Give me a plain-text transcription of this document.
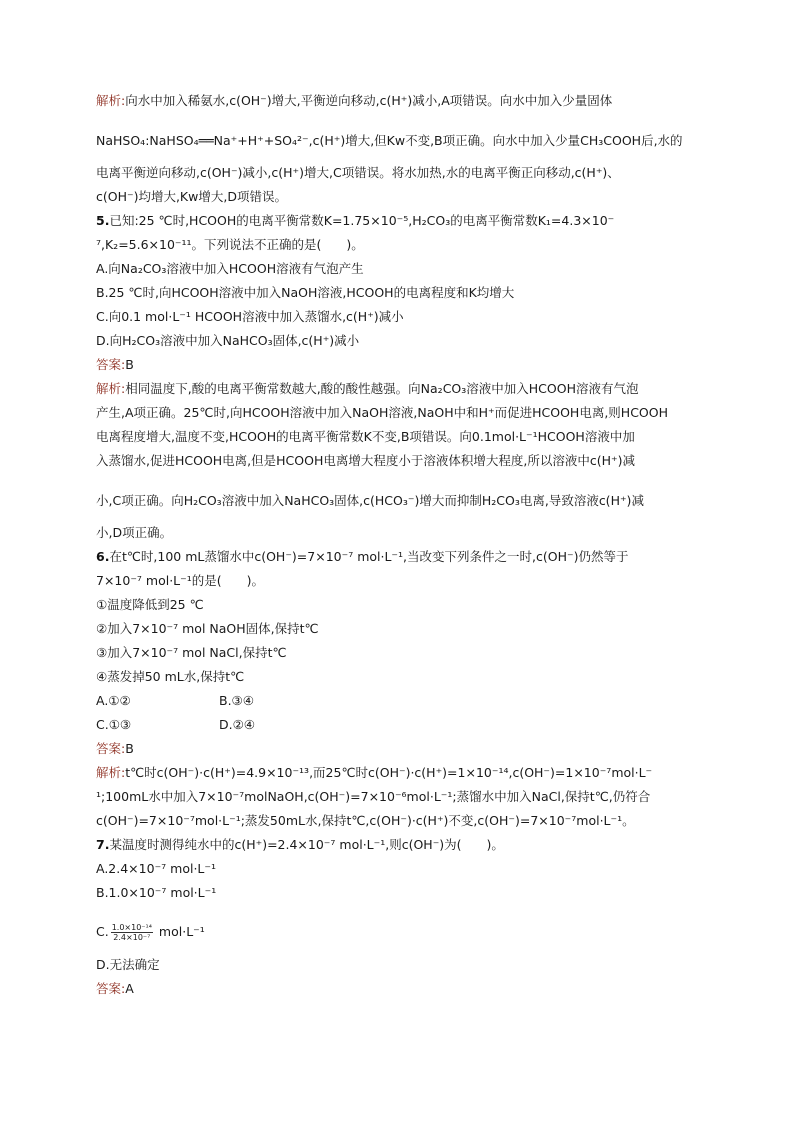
解析:向水中加入稀氨水,c(OH⁻)增大,平衡逆向移动,c(H⁺)减小,A项错误。向水中加入少量固体
NaHSO₄:NaHSO₄══Na⁺+H⁺+SO₄²⁻,c(H⁺)增大,但Kw不变,B项正确。向水中加入少量CH₃COOH后,水的
电离平衡逆向移动,c(OH⁻)减小,c(H⁺)增大,C项错误。将水加热,水的电离平衡正向移动,c(H⁺)、
c(OH⁻)均增大,Kw增大,D项错误。
5.已知:25 ℃时,HCOOH的电离平衡常数K=1.75×10⁻⁵,H₂CO₃的电离平衡常数K₁=4.3×10⁻
⁷,K₂=5.6×10⁻¹¹。下列说法不正确的是(　　)。
A.向Na₂CO₃溶液中加入HCOOH溶液有气泡产生
B.25 ℃时,向HCOOH溶液中加入NaOH溶液,HCOOH的电离程度和K均增大
C.向0.1 mol·L⁻¹ HCOOH溶液中加入蒸馏水,c(H⁺)减小
D.向H₂CO₃溶液中加入NaHCO₃固体,c(H⁺)减小
答案:B
解析:相同温度下,酸的电离平衡常数越大,酸的酸性越强。向Na₂CO₃溶液中加入HCOOH溶液有气泡
产生,A项正确。25℃时,向HCOOH溶液中加入NaOH溶液,NaOH中和H⁺而促进HCOOH电离,则HCOOH
电离程度增大,温度不变,HCOOH的电离平衡常数K不变,B项错误。向0.1mol·L⁻¹HCOOH溶液中加
入蒸馏水,促进HCOOH电离,但是HCOOH电离增大程度小于溶液体积增大程度,所以溶液中c(H⁺)减
小,C项正确。向H₂CO₃溶液中加入NaHCO₃固体,c(HCO₃⁻)增大而抑制H₂CO₃电离,导致溶液c(H⁺)减
小,D项正确。
6.在t℃时,100 mL蒸馏水中c(OH⁻)=7×10⁻⁷ mol·L⁻¹,当改变下列条件之一时,c(OH⁻)仍然等于
7×10⁻⁷ mol·L⁻¹的是(　　)。
①温度降低到25 ℃
②加入7×10⁻⁷ mol NaOH固体,保持t℃
③加入7×10⁻⁷ mol NaCl,保持t℃
④蒸发掉50 mL水,保持t℃
A.①②	B.③④
C.①③	D.②④
答案:B
解析:t℃时c(OH⁻)·c(H⁺)=4.9×10⁻¹³,而25℃时c(OH⁻)·c(H⁺)=1×10⁻¹⁴,c(OH⁻)=1×10⁻⁷mol·L⁻
¹;100mL水中加入7×10⁻⁷molNaOH,c(OH⁻)=7×10⁻⁶mol·L⁻¹;蒸馏水中加入NaCl,保持t℃,仍符合
c(OH⁻)=7×10⁻⁷mol·L⁻¹;蒸发50mL水,保持t℃,c(OH⁻)·c(H⁺)不变,c(OH⁻)=7×10⁻⁷mol·L⁻¹。
7.某温度时测得纯水中的c(H⁺)=2.4×10⁻⁷ mol·L⁻¹,则c(OH⁻)为(　　)。
A.2.4×10⁻⁷ mol·L⁻¹
B.1.0×10⁻⁷ mol·L⁻¹
C. $\frac{\text{1.0×10⁻¹⁴}}{\text{2.4×10⁻⁷}} mol\cdot L^{-1}$
D.无法确定
答案:A
